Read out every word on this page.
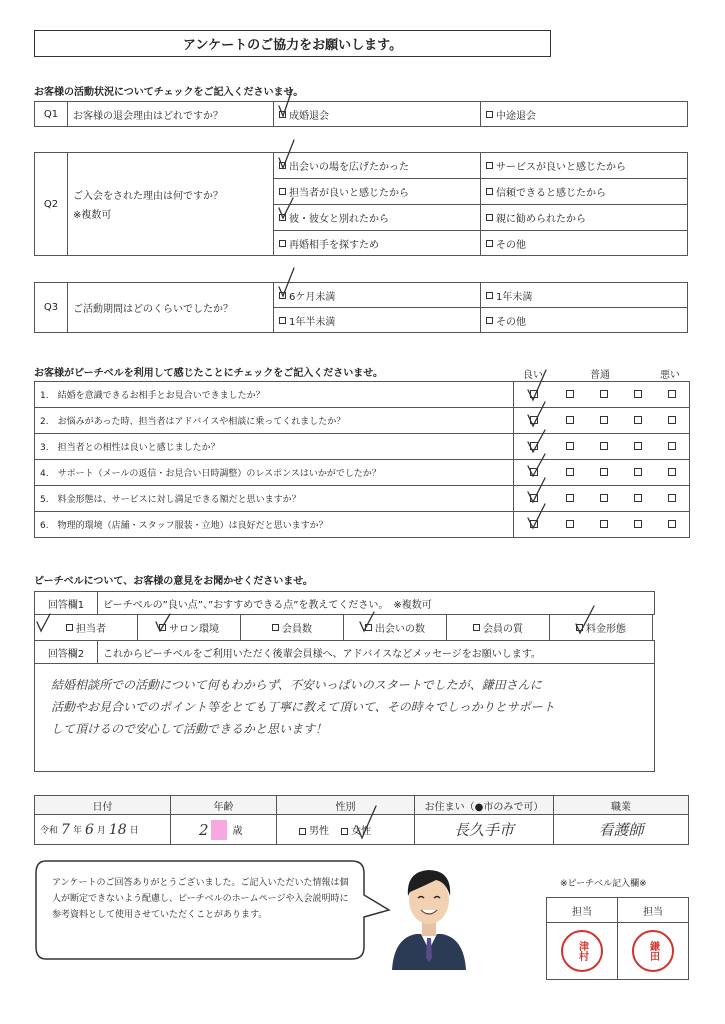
アンケートのご協力をお願いします。
お客様の活動状況についてチェックをご記入くださいませ。
Q1	お客様の退会理由はどれですか？	成婚退会	中途退会
Q2
ご入会をされた理由は何ですか？
※複数可
出会いの場を広げたかった	サービスが良いと感じたから
担当者が良いと感じたから	信頼できると感じたから
彼・彼女と別れたから	親に勧められたから
再婚相手を探すため	その他
Q3	ご活動期間はどのくらいでしたか？
6ケ月未満	1年未満
1年半未満	その他
お客様がピーチベルを利用して感じたことにチェックをご記入くださいませ。	良い	普通	悪い
1.　結婚を意識できるお相手とお見合いできましたか？
2.　お悩みがあった時、担当者はアドバイスや相談に乗ってくれましたか？
3.　担当者との相性は良いと感じましたか？
4.　サポート（メールの返信・お見合い日時調整）のレスポンスはいかがでしたか？
5.　料金形態は、サービスに対し満足できる額だと思いますか？
6.　物理的環境（店舗・スタッフ服装・立地）は良好だと思いますか？
ピーチベルについて、お客様の意見をお聞かせくださいませ。
回答欄1	ピーチベルの”良い点”、”おすすめできる点”を教えてください。　※複数可
担当者	サロン環境	会員数	出会いの数	会員の質	料金形態
回答欄2	これからピーチベルをご利用いただく後輩会員様へ、アドバイスなどメッセージをお願いします。
結婚相談所での活動について何もわからず、不安いっぱいのスタートでしたが、鎌田さんに
活動やお見合いでのポイント等をとても丁寧に教えて頂いて、その時々でしっかりとサポート
して頂けるので安心して活動できるかと思います！
日付	年齢	性別	お住まい（●市のみで可）	職業
令和 7 年 6 月 18 日	2 歳	男性	女性	長久手市	看護師
アンケートのご回答ありがとうございました。ご記入いただいた情報は個人が断定できないよう配慮し、ピーチベルのホームページや入会説明時に参考資料として使用させていただくことがあります。
※ピーチベル記入欄※
担当	担当
津村	鎌田
